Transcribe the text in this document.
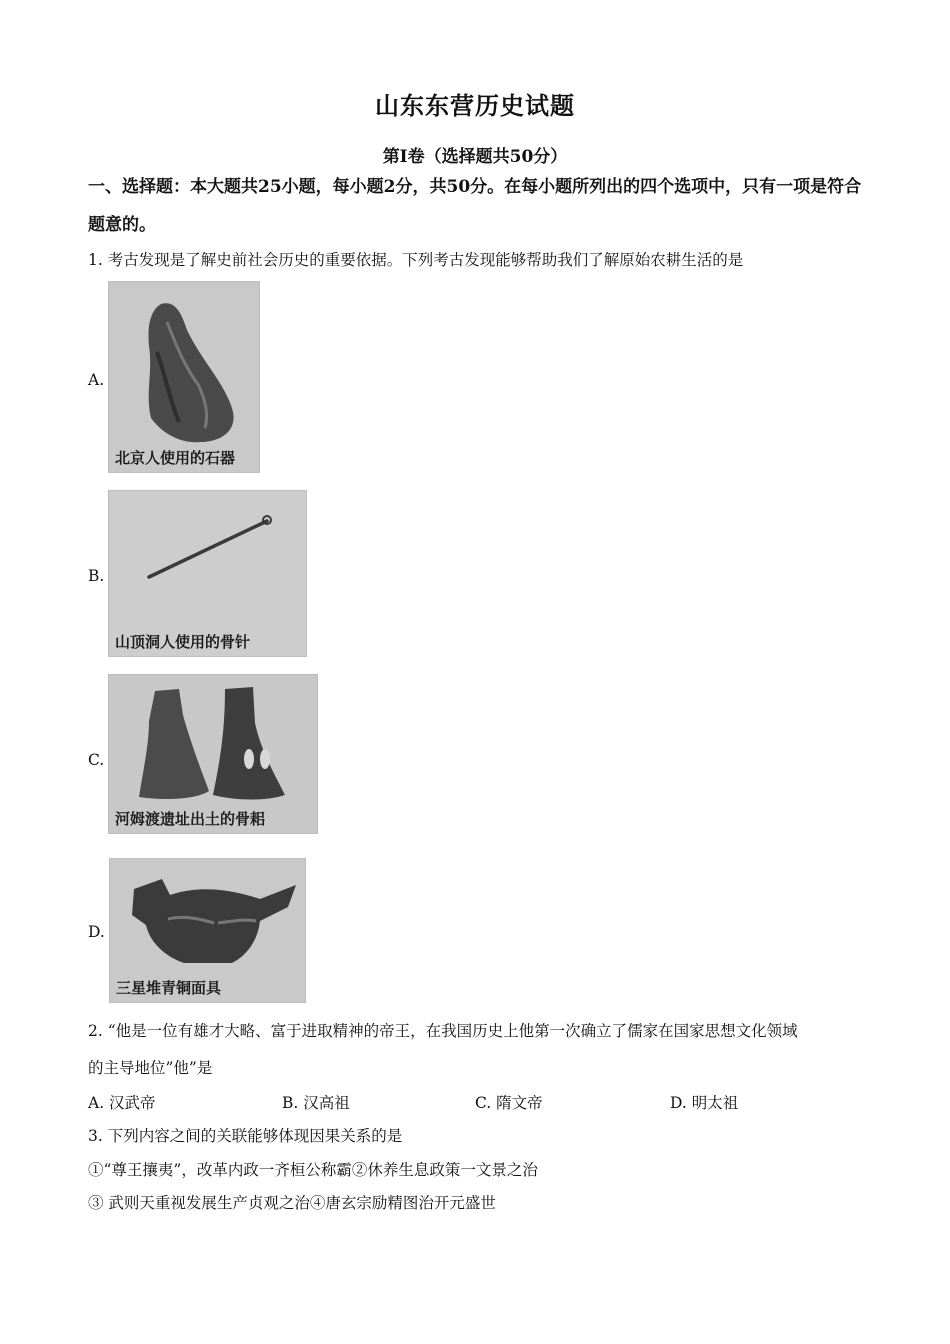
山东东营历史试题
第Ⅰ卷（选择题共50分）
一、选择题：本大题共25小题，每小题2分，共50分。在每小题所列出的四个选项中，只有一项是符合题意的。
1. 考古发现是了解史前社会历史的重要依据。下列考古发现能够帮助我们了解原始农耕生活的是
A.
北京人使用的石器
B.
山顶洞人使用的骨针
C.
河姆渡遗址出土的骨耜
D.
三星堆青铜面具
2. “他是一位有雄才大略、富于进取精神的帝王，在我国历史上他第一次确立了儒家在国家思想文化领域
的主导地位”他”是
A. 汉武帝	B. 汉高祖	C. 隋文帝	D. 明太祖
3. 下列内容之间的关联能够体现因果关系的是
①“尊王攘夷”，改革内政一齐桓公称霸②休养生息政策一文景之治
③ 武则天重视发展生产贞观之治④唐玄宗励精图治开元盛世
